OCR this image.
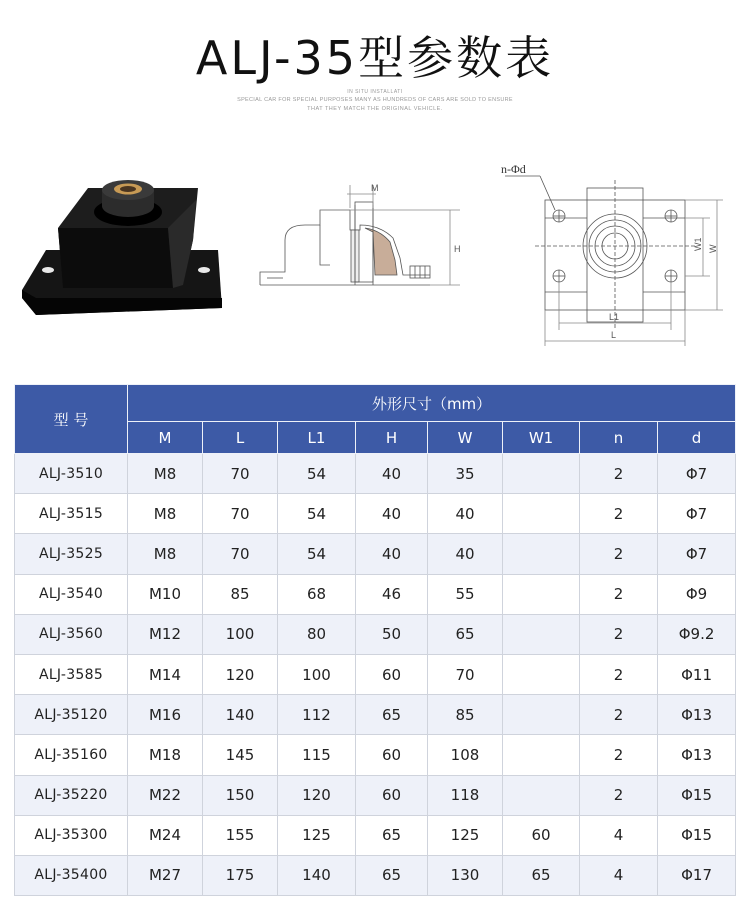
ALJ-35型参数表
IN SITU INSTALLATI
SPECIAL CAR FOR SPECIAL PURPOSES MANY AS HUNDREDS OF CARS ARE SOLD TO ENSURE
THAT THEY MATCH THE ORIGINAL VEHICLE.
M
H
n-Φd
W1 W
L1
L
型 号	外形尺寸（mm）							
	M	L	L1	H	W	W1	n	d
ALJ-3510	M8	70	54	40	35		2	Φ7
ALJ-3515	M8	70	54	40	40		2	Φ7
ALJ-3525	M8	70	54	40	40		2	Φ7
ALJ-3540	M10	85	68	46	55		2	Φ9
ALJ-3560	M12	100	80	50	65		2	Φ9.2
ALJ-3585	M14	120	100	60	70		2	Φ11
ALJ-35120	M16	140	112	65	85		2	Φ13
ALJ-35160	M18	145	115	60	108		2	Φ13
ALJ-35220	M22	150	120	60	118		2	Φ15
ALJ-35300	M24	155	125	65	125	60	4	Φ15
ALJ-35400	M27	175	140	65	130	65	4	Φ17
